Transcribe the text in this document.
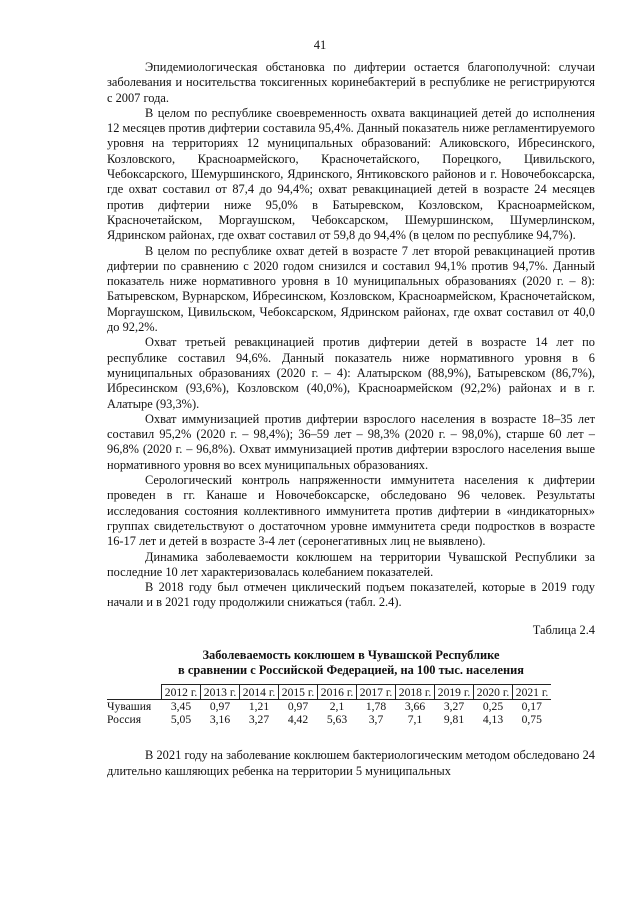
41

Эпидемиологическая обстановка по дифтерии остается благополучной: случаи заболевания и носительства токсигенных коринебактерий в республике не регистрируются с 2007 года.

В целом по республике своевременность охвата вакцинацией детей до исполнения 12 месяцев против дифтерии составила 95,4%. Данный показатель ниже регламентируемого уровня на территориях 12 муниципальных образований: Аликовского, Ибресинского, Козловского, Красноармейского, Красночетайского, Порецкого, Цивильского, Чебоксарского, Шемуршинского, Ядринского, Янтиковского районов и г. Новочебоксарска, где охват составил от 87,4 до 94,4%; охват ревакцинацией детей в возрасте 24 месяцев против дифтерии ниже 95,0% в Батыревском, Козловском, Красноармейском, Красночетайском, Моргаушском, Чебоксарском, Шемуршинском, Шумерлинском, Ядринском районах, где охват составил от 59,8 до 94,4% (в целом по республике 94,7%).

В целом по республике охват детей в возрасте 7 лет второй ревакцинацией против дифтерии по сравнению с 2020 годом снизился и составил 94,1% против 94,7%. Данный показатель ниже нормативного уровня в 10 муниципальных образованиях (2020 г. – 8): Батыревском, Вурнарском, Ибресинском, Козловском, Красноармейском, Красночетайском, Моргаушском, Цивильском, Чебоксарском, Ядринском районах, где охват составил от 40,0 до 92,2%.

Охват третьей ревакцинацией против дифтерии детей в возрасте 14 лет по республике составил 94,6%. Данный показатель ниже нормативного уровня в 6 муниципальных образованиях (2020 г. – 4): Алатырском (88,9%), Батыревском (86,7%), Ибресинском (93,6%), Козловском (40,0%), Красноармейском (92,2%) районах и в г. Алатыре (93,3%).

Охват иммунизацией против дифтерии взрослого населения в возрасте 18–35 лет составил 95,2% (2020 г. – 98,4%); 36–59 лет – 98,3% (2020 г. – 98,0%), старше 60 лет – 96,8% (2020 г. – 96,8%). Охват иммунизацией против дифтерии взрослого населения выше нормативного уровня во всех муниципальных образованиях.

Серологический контроль напряженности иммунитета населения к дифтерии проведен в гг. Канаше и Новочебоксарске, обследовано 96 человек. Результаты исследования состояния коллективного иммунитета против дифтерии в «индикаторных» группах свидетельствуют о достаточном уровне иммунитета среди подростков в возрасте 16-17 лет и детей в возрасте 3-4 лет (серонегативных лиц не выявлено).

Динамика заболеваемости коклюшем на территории Чувашской Республики за последние 10 лет характеризовалась колебанием показателей.

В 2018 году был отмечен циклический подъем показателей, которые в 2019 году начали и в 2021 году продолжили снижаться (табл. 2.4).

Таблица 2.4

Заболеваемость коклюшем в Чувашской Республике
в сравнении с Российской Федерацией, на 100 тыс. населения

	2012 г.	2013 г.	2014 г.	2015 г.	2016 г.	2017 г.	2018 г.	2019 г.	2020 г.	2021 г.
Чувашия	3,45	0,97	1,21	0,97	2,1	1,78	3,66	3,27	0,25	0,17
Россия	5,05	3,16	3,27	4,42	5,63	3,7	7,1	9,81	4,13	0,75

В 2021 году на заболевание коклюшем бактериологическим методом обследовано 24 длительно кашляющих ребенка на территории 5 муниципальных
